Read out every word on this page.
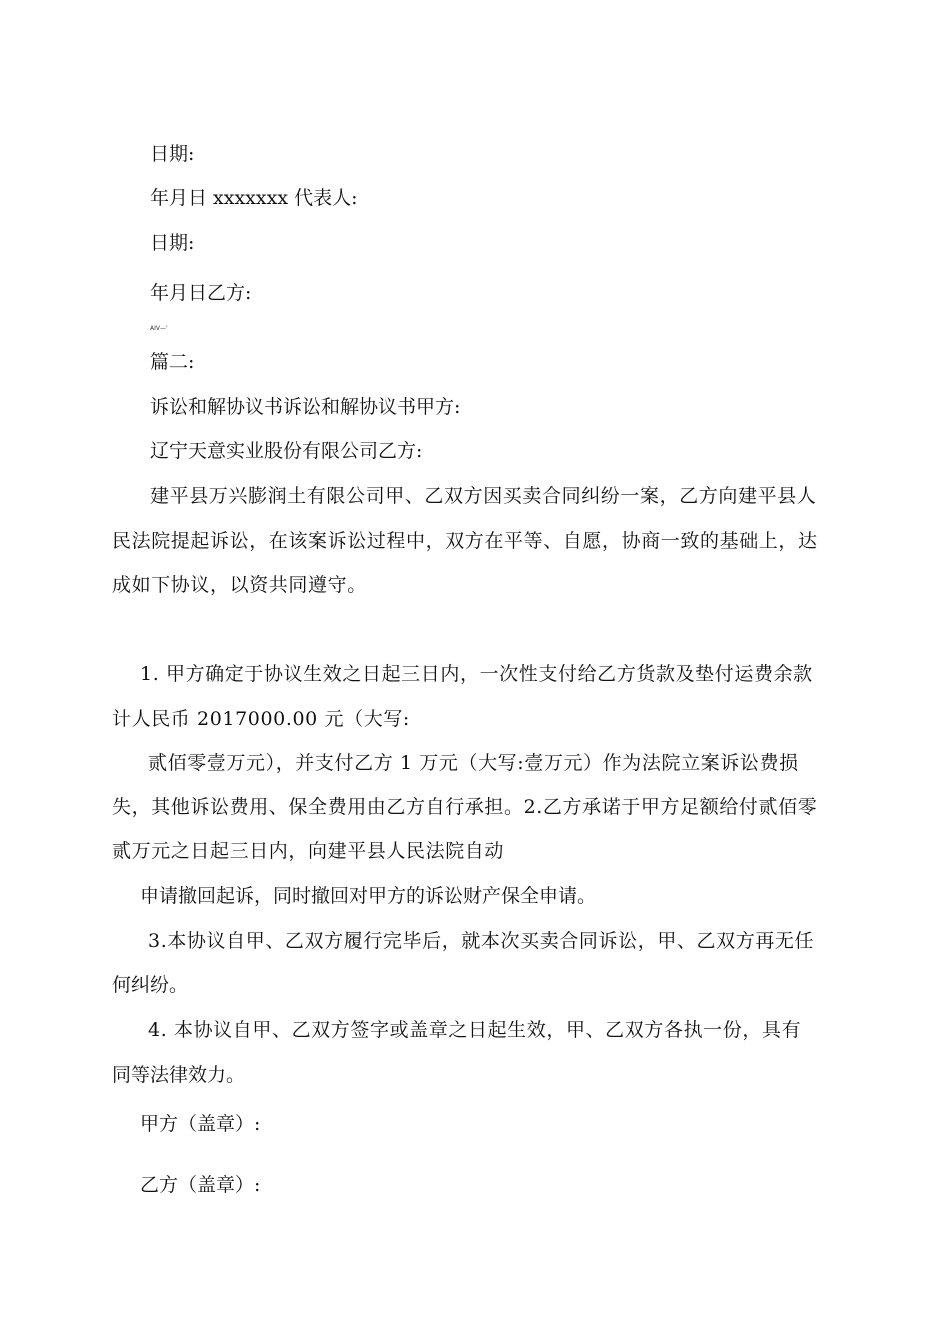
日期:
年月日 xxxxxxx 代表人:
日期:
年月日乙方:
AIV—'
篇二:
诉讼和解协议书诉讼和解协议书甲方:
辽宁天意实业股份有限公司乙方:
建平县万兴膨润土有限公司甲、乙双方因买卖合同纠纷一案，乙方向建平县人
民法院提起诉讼，在该案诉讼过程中，双方在平等、自愿，协商一致的基础上，达
成如下协议，以资共同遵守。
1. 甲方确定于协议生效之日起三日内，一次性支付给乙方货款及垫付运费余款
计人民币 2017000.00 元（大写:
贰佰零壹万元），并支付乙方 1 万元（大写:壹万元）作为法院立案诉讼费损
失，其他诉讼费用、保全费用由乙方自行承担。2.乙方承诺于甲方足额给付贰佰零
贰万元之日起三日内，向建平县人民法院自动
申请撤回起诉，同时撤回对甲方的诉讼财产保全申请。
3.本协议自甲、乙双方履行完毕后，就本次买卖合同诉讼，甲、乙双方再无任
何纠纷。
4. 本协议自甲、乙双方签字或盖章之日起生效，甲、乙双方各执一份，具有
同等法律效力。
甲方（盖章）:
乙方（盖章）:
